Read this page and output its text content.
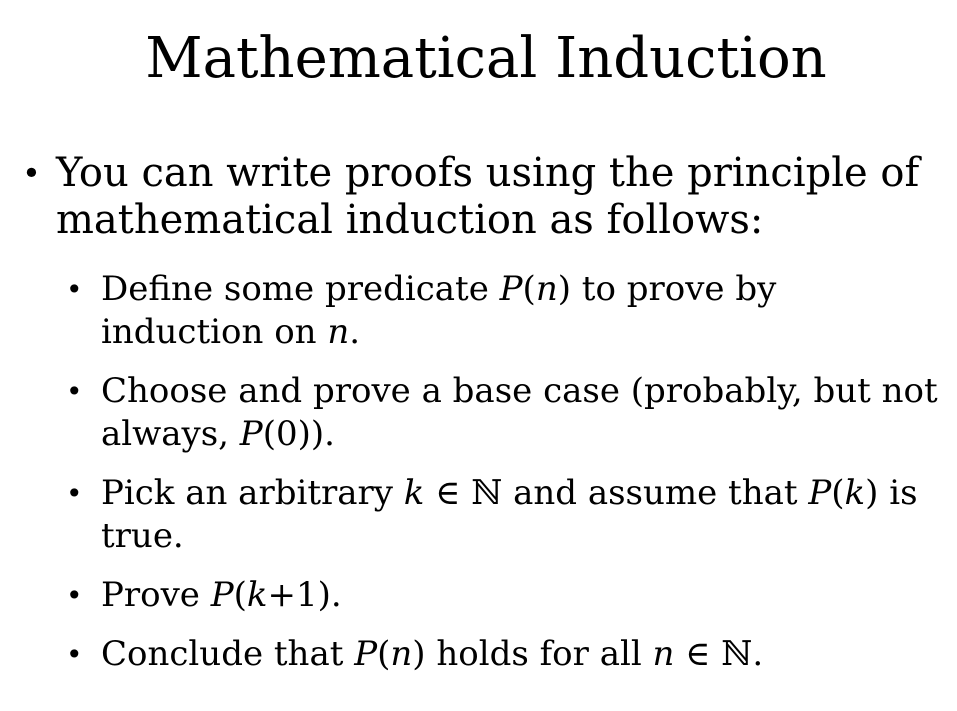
Mathematical Induction
• You can write proofs using the principle of mathematical induction as follows:
• Define some predicate P(n) to prove by induction on n.
• Choose and prove a base case (probably, but not always, P(0)).
• Pick an arbitrary k ∈ ℕ and assume that P(k) is true.
• Prove P(k+1).
• Conclude that P(n) holds for all n ∈ ℕ.
